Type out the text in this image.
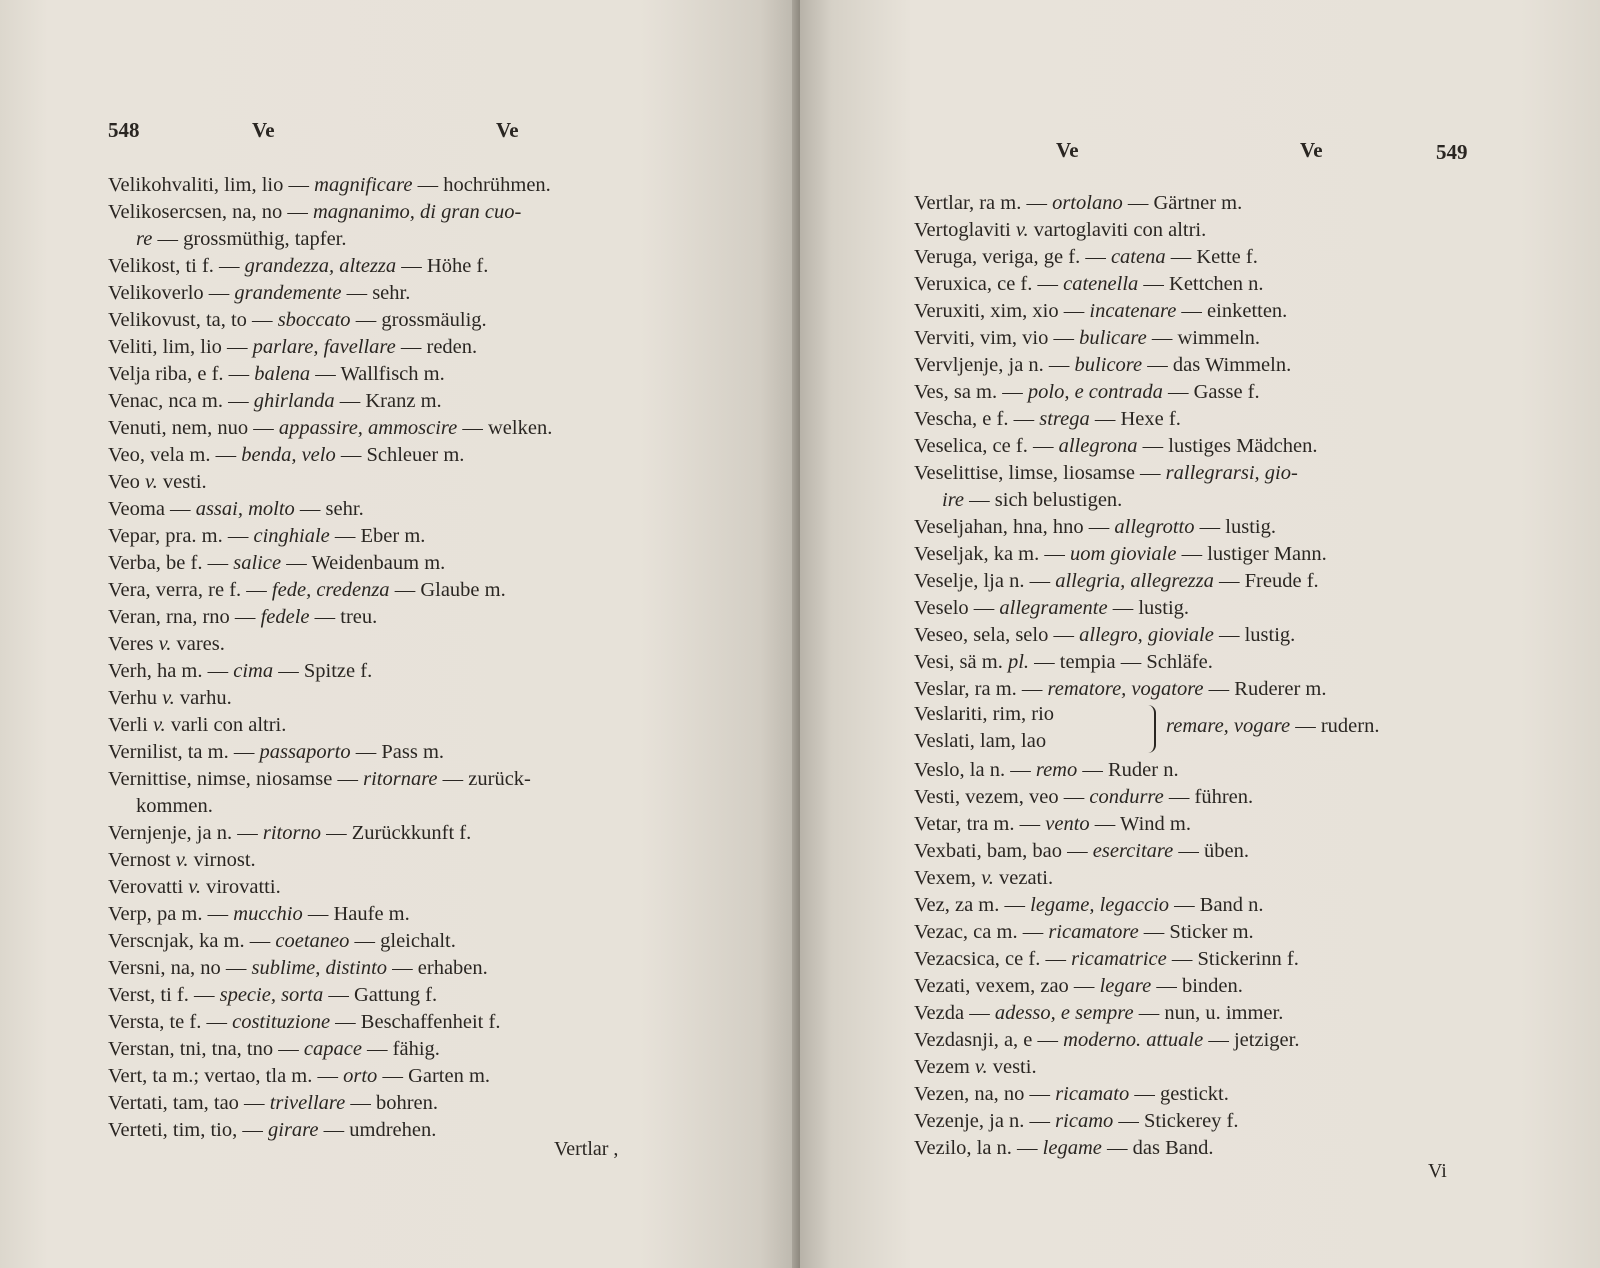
548	Ve	Ve
Velikohvaliti, lim, lio — magnificare — hochrühmen.
Velikosercsen, na, no — magnanimo, di gran cuo-
re — grossmüthig, tapfer.
Velikost, ti f. — grandezza, altezza — Höhe f.
Velikoverlo — grandemente — sehr.
Velikovust, ta, to — sboccato — grossmäulig.
Veliti, lim, lio — parlare, favellare — reden.
Velja riba, e f. — balena — Wallfisch m.
Venac, nca m. — ghirlanda — Kranz m.
Venuti, nem, nuo — appassire, ammoscire — welken.
Veo, vela m. — benda, velo — Schleuer m.
Veo v. vesti.
Veoma — assai, molto — sehr.
Vepar, pra. m. — cinghiale — Eber m.
Verba, be f. — salice — Weidenbaum m.
Vera, verra, re f. — fede, credenza — Glaube m.
Veran, rna, rno — fedele — treu.
Veres v. vares.
Verh, ha m. — cima — Spitze f.
Verhu v. varhu.
Verli v. varli con altri.
Vernilist, ta m. — passaporto — Pass m.
Vernittise, nimse, niosamse — ritornare — zurück-
kommen.
Vernjenje, ja n. — ritorno — Zurückkunft f.
Vernost v. virnost.
Verovatti v. virovatti.
Verp, pa m. — mucchio — Haufe m.
Verscnjak, ka m. — coetaneo — gleichalt.
Versni, na, no — sublime, distinto — erhaben.
Verst, ti f. — specie, sorta — Gattung f.
Versta, te f. — costituzione — Beschaffenheit f.
Verstan, tni, tna, tno — capace — fähig.
Vert, ta m.; vertao, tla m. — orto — Garten m.
Vertati, tam, tao — trivellare — bohren.
Verteti, tim, tio, — girare — umdrehen.
Vertlar ,
Ve	Ve	549
Vertlar, ra m. — ortolano — Gärtner m.
Vertoglaviti v. vartoglaviti con altri.
Veruga, veriga, ge f. — catena — Kette f.
Veruxica, ce f. — catenella — Kettchen n.
Veruxiti, xim, xio — incatenare — einketten.
Verviti, vim, vio — bulicare — wimmeln.
Vervljenje, ja n. — bulicore — das Wimmeln.
Ves, sa m. — polo, e contrada — Gasse f.
Vescha, e f. — strega — Hexe f.
Veselica, ce f. — allegrona — lustiges Mädchen.
Veselittise, limse, liosamse — rallegrarsi, gio-
ire — sich belustigen.
Veseljahan, hna, hno — allegrotto — lustig.
Veseljak, ka m. — uom gioviale — lustiger Mann.
Veselje, lja n. — allegria, allegrezza — Freude f.
Veselo — allegramente — lustig.
Veseo, sela, selo — allegro, gioviale — lustig.
Vesi, sä m. pl. — tempia — Schläfe.
Veslar, ra m. — rematore, vogatore — Ruderer m.
Veslariti, rim, rio
Veslati, lam, lao
remare, vogare — rudern.
Veslo, la n. — remo — Ruder n.
Vesti, vezem, veo — condurre — führen.
Vetar, tra m. — vento — Wind m.
Vexbati, bam, bao — esercitare — üben.
Vexem, v. vezati.
Vez, za m. — legame, legaccio — Band n.
Vezac, ca m. — ricamatore — Sticker m.
Vezacsica, ce f. — ricamatrice — Stickerinn f.
Vezati, vexem, zao — legare — binden.
Vezda — adesso, e sempre — nun, u. immer.
Vezdasnji, a, e — moderno. attuale — jetziger.
Vezem v. vesti.
Vezen, na, no — ricamato — gestickt.
Vezenje, ja n. — ricamo — Stickerey f.
Vezilo, la n. — legame — das Band.
Vi
